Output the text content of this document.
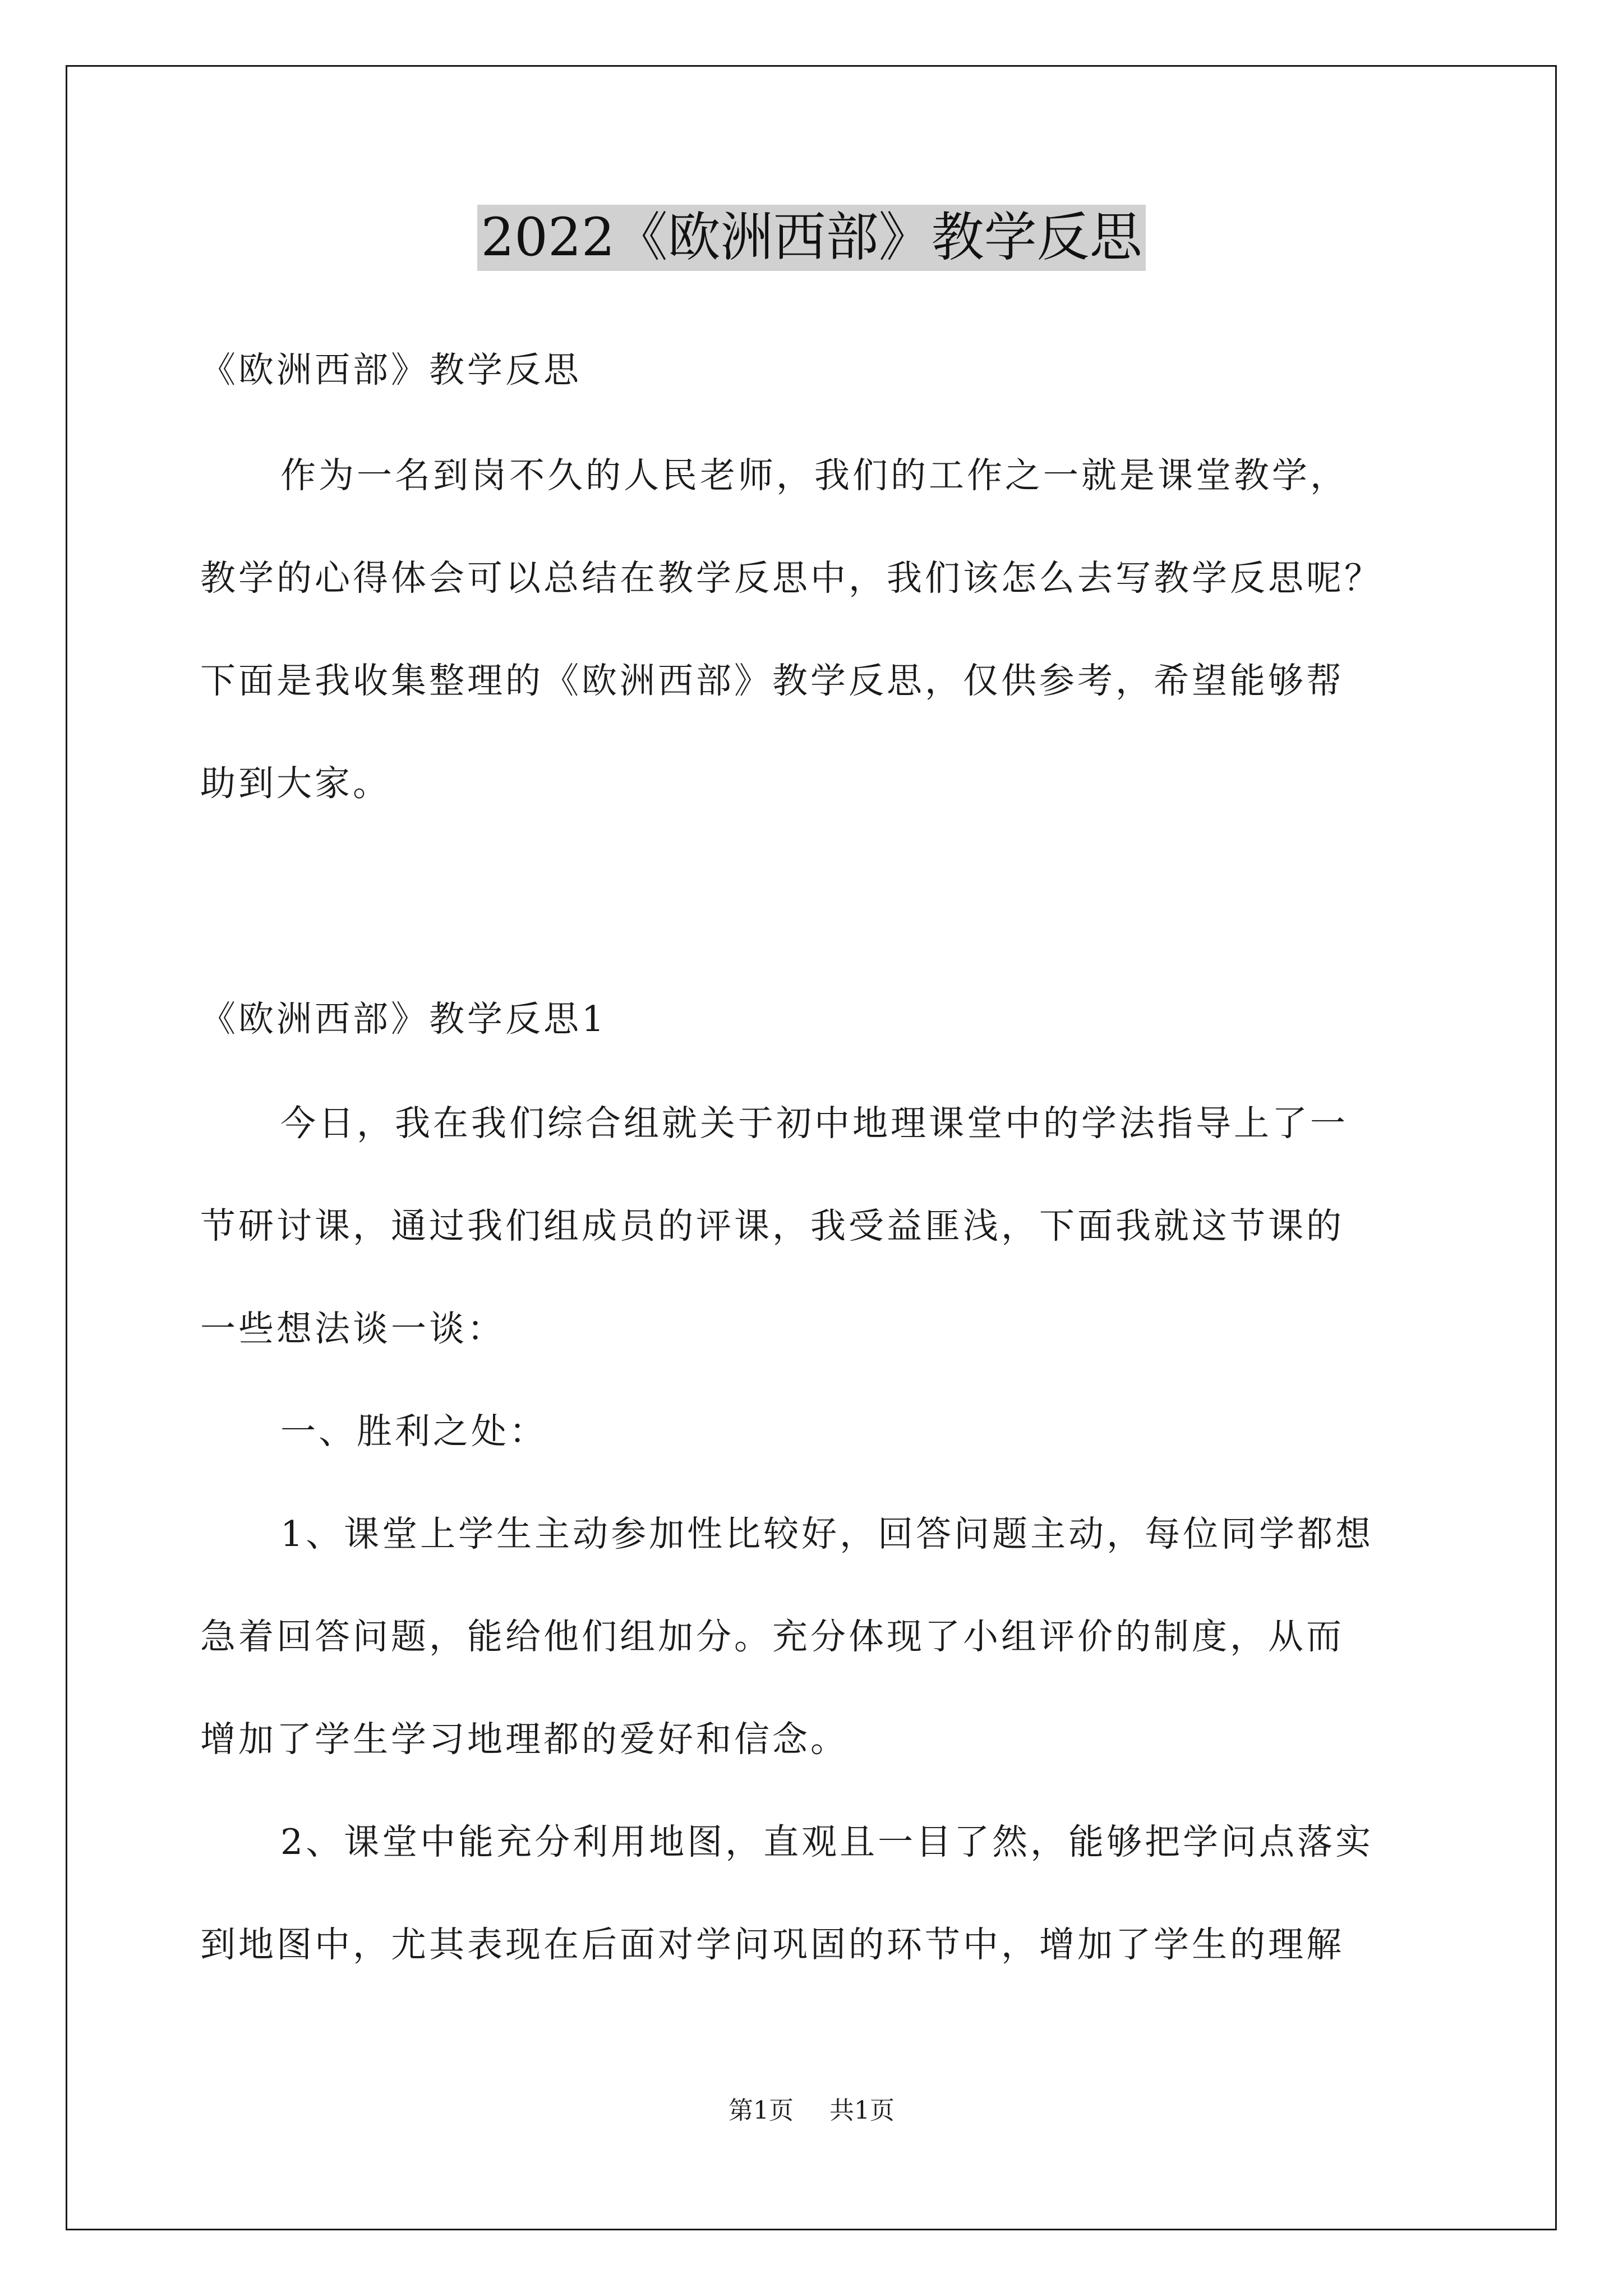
2022《欧洲西部》教学反思
《欧洲西部》教学反思
作为一名到岗不久的人民老师，我们的工作之一就是课堂教学，
教学的心得体会可以总结在教学反思中，我们该怎么去写教学反思呢？
下面是我收集整理的《欧洲西部》教学反思，仅供参考，希望能够帮
助到大家。
《欧洲西部》教学反思1
今日，我在我们综合组就关于初中地理课堂中的学法指导上了一
节研讨课，通过我们组成员的评课，我受益匪浅，下面我就这节课的
一些想法谈一谈：
一、胜利之处：
1、课堂上学生主动参加性比较好，回答问题主动，每位同学都想
急着回答问题，能给他们组加分。充分体现了小组评价的制度，从而
增加了学生学习地理都的爱好和信念。
2、课堂中能充分利用地图，直观且一目了然，能够把学问点落实
到地图中，尤其表现在后面对学问巩固的环节中，增加了学生的理解
第1页 共1页
